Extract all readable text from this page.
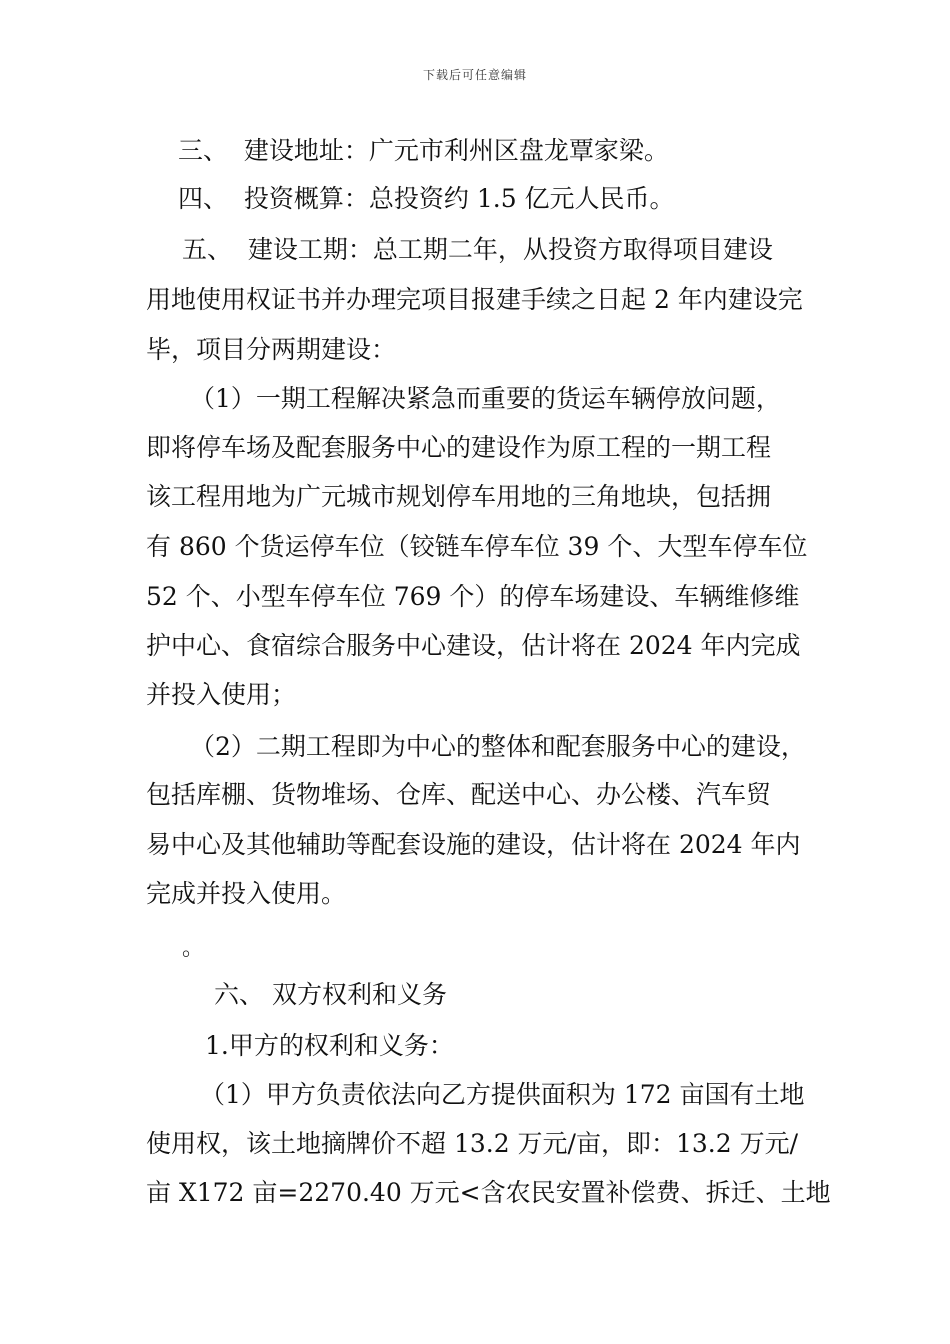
下载后可任意编辑
三、  建设地址：广元市利州区盘龙覃家梁。
四、  投资概算：总投资约 1.5 亿元人民币。
五、  建设工期：总工期二年，从投资方取得项目建设
用地使用权证书并办理完项目报建手续之日起 2 年内建设完
毕，项目分两期建设：
（1）一期工程解决紧急而重要的货运车辆停放问题，
即将停车场及配套服务中心的建设作为原工程的一期工程
该工程用地为广元城市规划停车用地的三角地块，包括拥
有 860 个货运停车位（铰链车停车位 39 个、大型车停车位
52 个、小型车停车位 769 个）的停车场建设、车辆维修维
护中心、食宿综合服务中心建设，估计将在 2024 年内完成
并投入使用；
（2）二期工程即为中心的整体和配套服务中心的建设，
包括库棚、货物堆场、仓库、配送中心、办公楼、汽车贸
易中心及其他辅助等配套设施的建设，估计将在 2024 年内
完成并投入使用。
。
六、 双方权利和义务
1.甲方的权利和义务：
（1）甲方负责依法向乙方提供面积为 172 亩国有土地
使用权，该土地摘牌价不超 13.2 万元/亩，即：13.2 万元/
亩 X172 亩=2270.40 万元<含农民安置补偿费、拆迁、土地
